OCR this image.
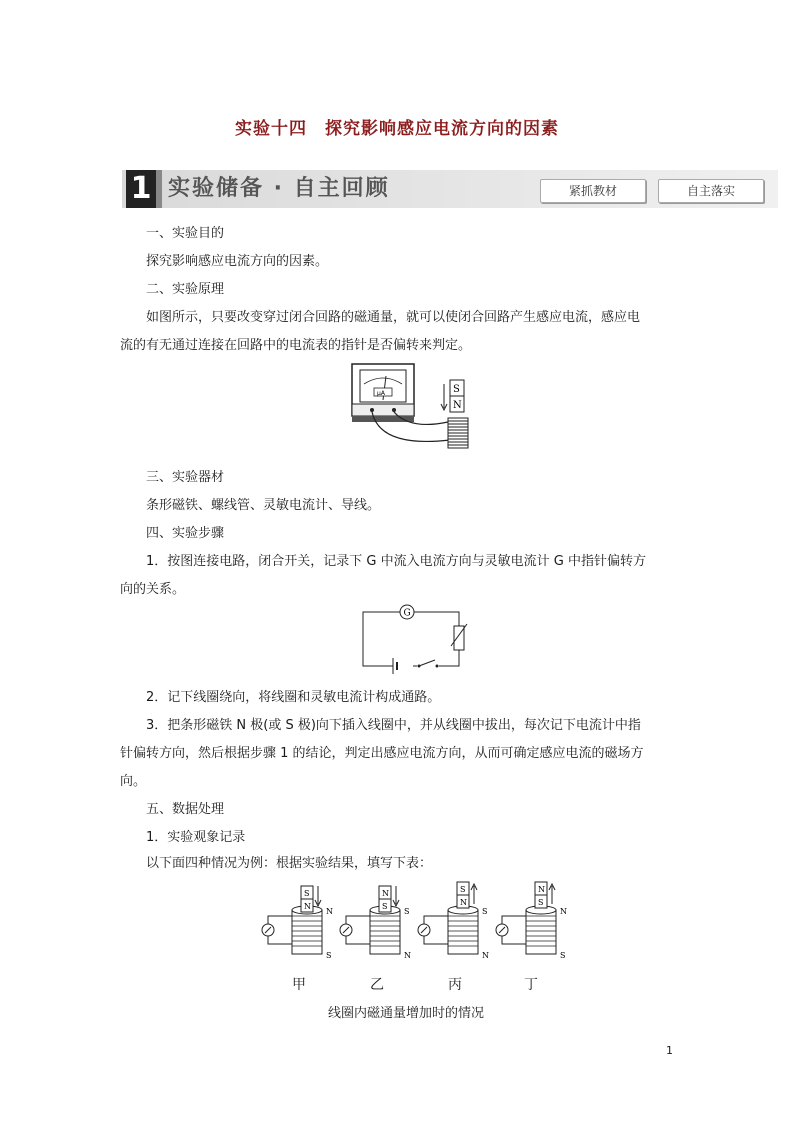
实验十四　探究影响感应电流方向的因素
1 实验储备 · 自主回顾	紧抓教材	自主落实
一、实验目的
探究影响感应电流方向的因素。
二、实验原理
如图所示，只要改变穿过闭合回路的磁通量，就可以使闭合回路产生感应电流，感应电
流的有无通过连接在回路中的电流表的指针是否偏转来判定。
μA	S
N
三、实验器材
条形磁铁、螺线管、灵敏电流计、导线。
四、实验步骤
1．按图连接电路，闭合开关，记录下 G 中流入电流方向与灵敏电流计 G 中指针偏转方
向的关系。
G
2．记下线圈绕向，将线圈和灵敏电流计构成通路。
3．把条形磁铁 N 极(或 S 极)向下插入线圈中，并从线圈中拔出，每次记下电流计中指
针偏转方向，然后根据步骤 1 的结论，判定出感应电流方向，从而可确定感应电流的磁场方
向。
五、数据处理
1．实验观象记录
以下面四种情况为例：根据实验结果，填写下表：
S
N
N
S
N
S
S
N
S
N
S
N
N
S
N
S
甲	乙	丙	丁
线圈内磁通量增加时的情况
1
